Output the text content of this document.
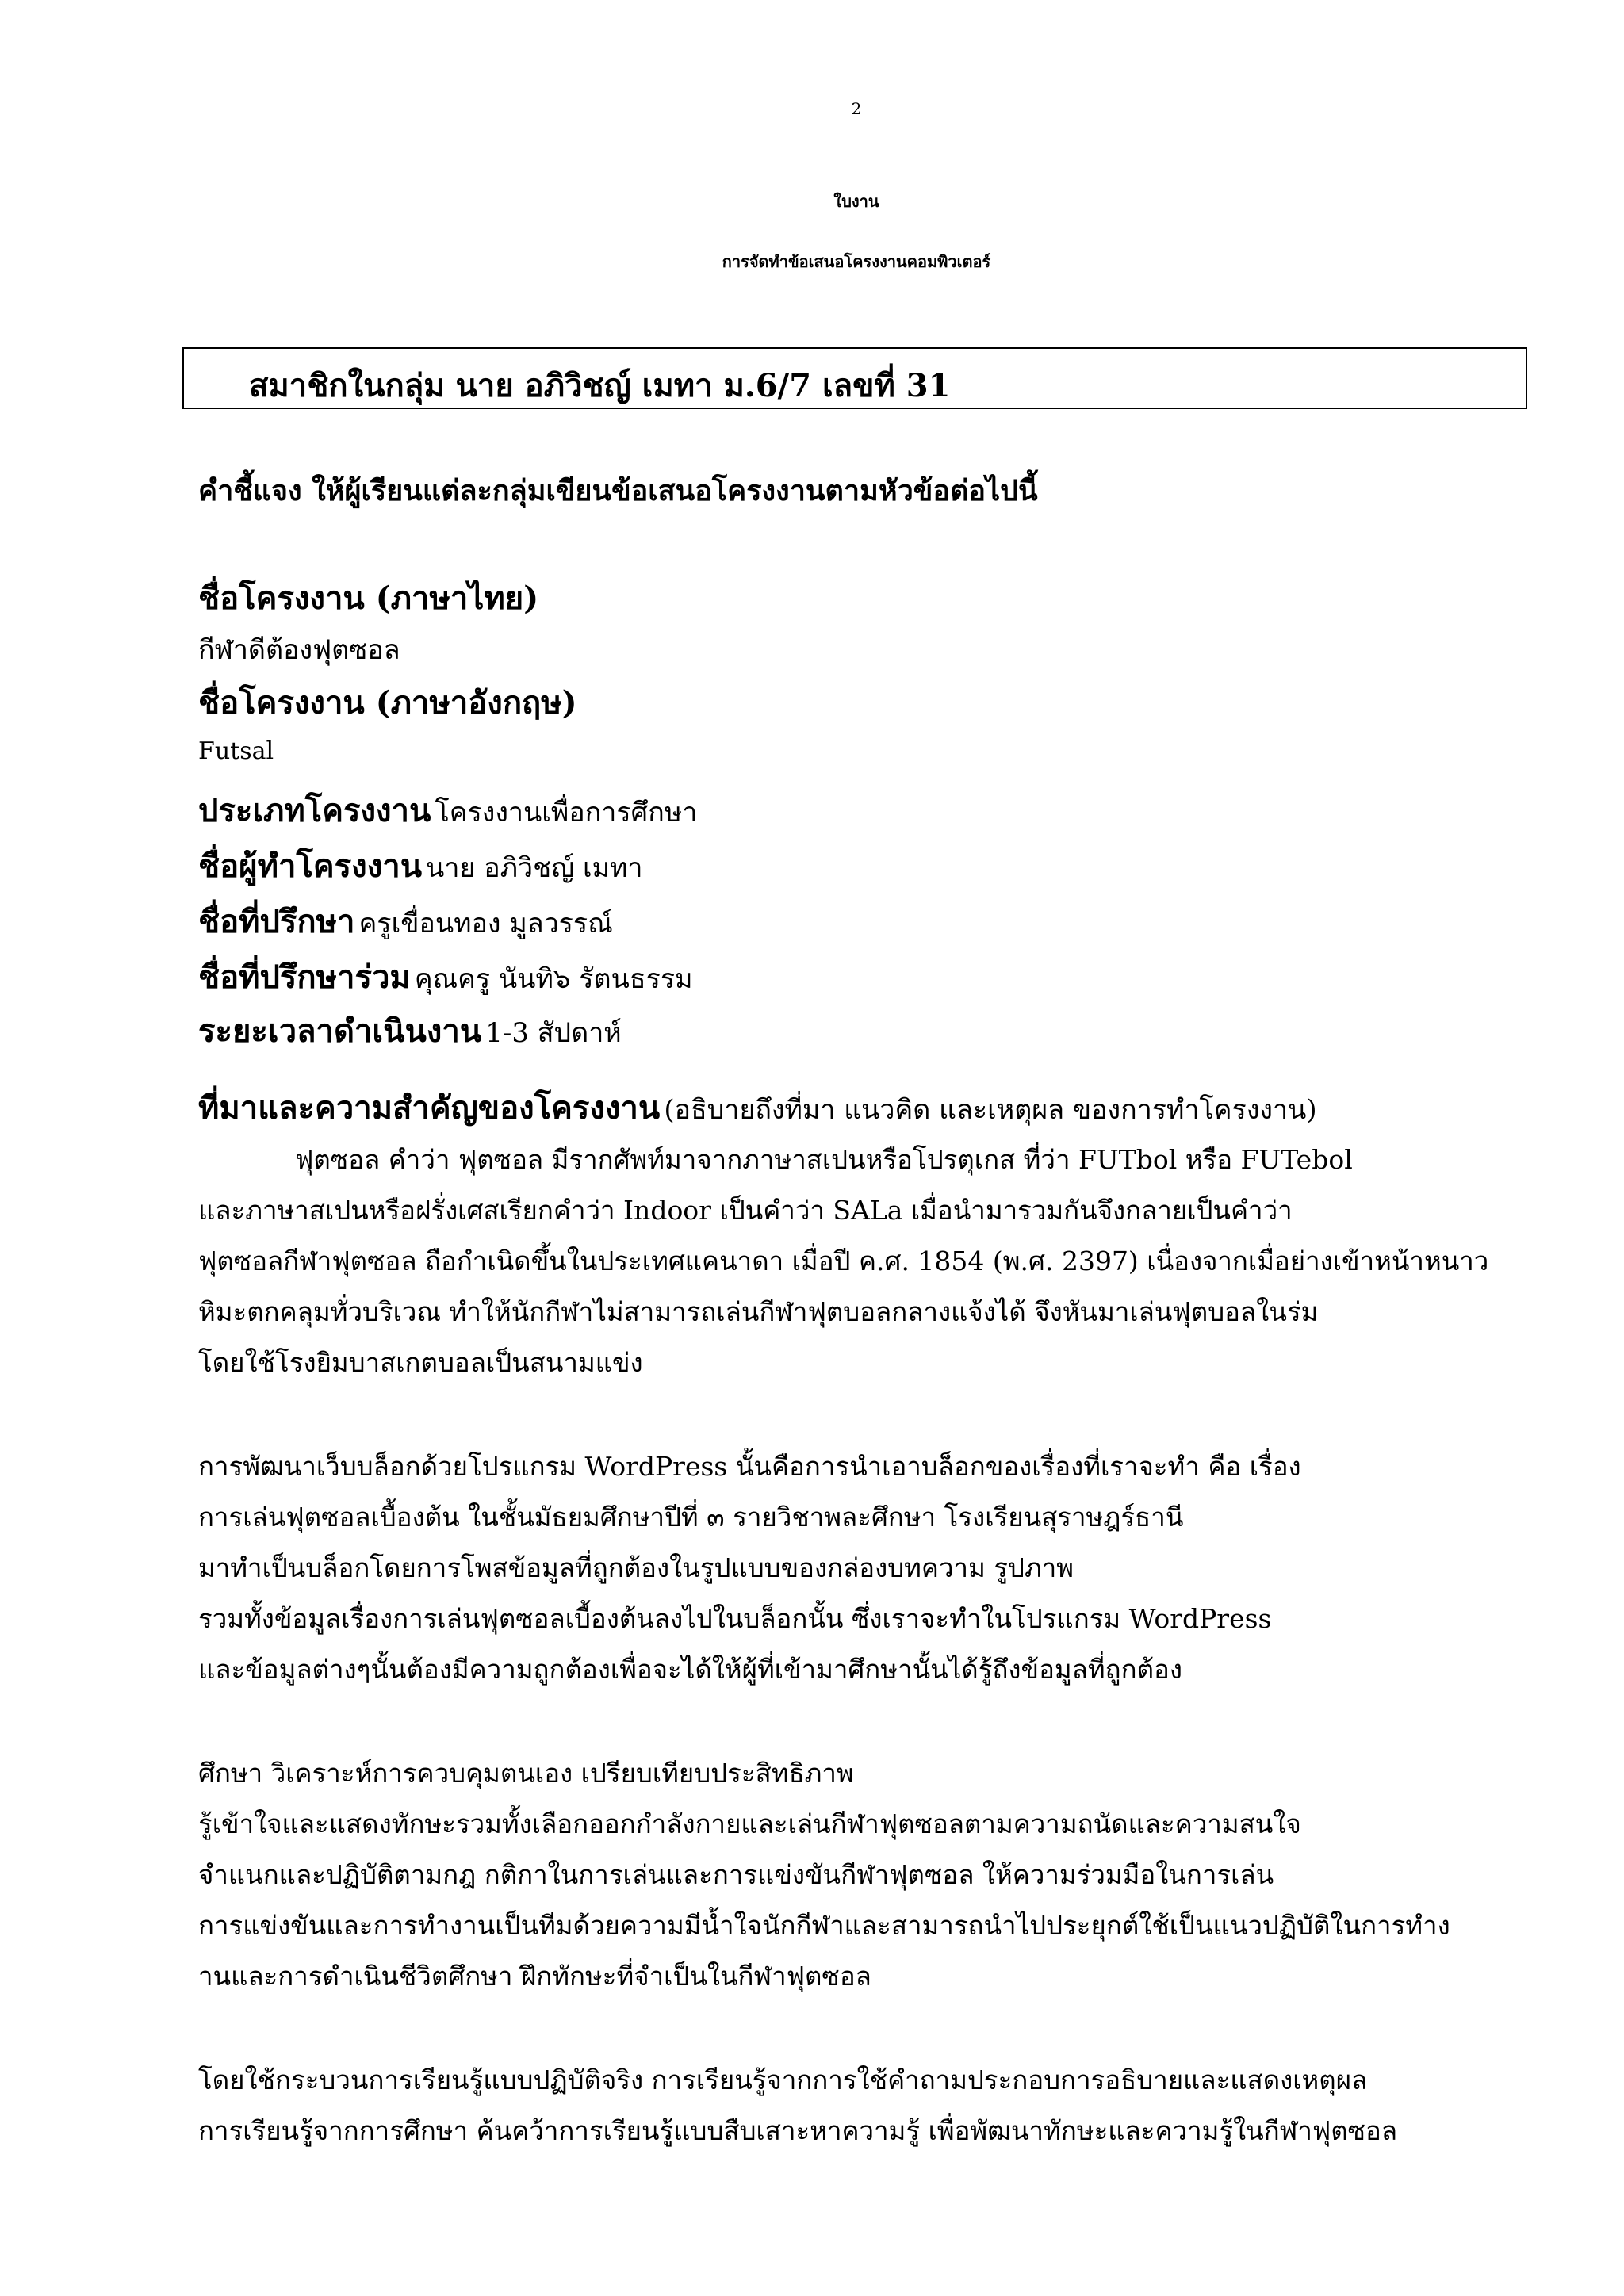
2
ใบงาน
การจัดทำข้อเสนอโครงงานคอมพิวเตอร์
สมาชิกในกลุ่ม นาย อภิวิชญ์ เมทา ม.6/7 เลขที่ 31
คำชี้แจง ให้ผู้เรียนแต่ละกลุ่มเขียนข้อเสนอโครงงานตามหัวข้อต่อไปนี้
ชื่อโครงงาน (ภาษาไทย)
กีฬาดีต้องฟุตซอล
ชื่อโครงงาน (ภาษาอังกฤษ)
Futsal
ประเภทโครงงาน โครงงานเพื่อการศึกษา
ชื่อผู้ทำโครงงาน นาย อภิวิชญ์ เมทา
ชื่อที่ปรึกษา ครูเขื่อนทอง มูลวรรณ์
ชื่อที่ปรึกษาร่วม คุณครู นันทิ๖ รัตนธรรม
ระยะเวลาดำเนินงาน 1-3 สัปดาห์
ที่มาและความสำคัญของโครงงาน (อธิบายถึงที่มา แนวคิด และเหตุผล ของการทำโครงงาน)
ฟุตซอล คำว่า ฟุตซอล มีรากศัพท์มาจากภาษาสเปนหรือโปรตุเกส ที่ว่า FUTbol หรือ FUTebol
และภาษาสเปนหรือฝรั่งเศสเรียกคำว่า Indoor เป็นคำว่า SALa เมื่อนำมารวมกันจึงกลายเป็นคำว่า
ฟุตซอลกีฬาฟุตซอล ถือกำเนิดขึ้นในประเทศแคนาดา เมื่อปี ค.ศ. 1854 (พ.ศ. 2397) เนื่องจากเมื่อย่างเข้าหน้าหนาว
หิมะตกคลุมทั่วบริเวณ ทำให้นักกีฬาไม่สามารถเล่นกีฬาฟุตบอลกลางแจ้งได้ จึงหันมาเล่นฟุตบอลในร่ม
โดยใช้โรงยิมบาสเกตบอลเป็นสนามแข่ง
การพัฒนาเว็บบล็อกด้วยโปรแกรม WordPress นั้นคือการนำเอาบล็อกของเรื่องที่เราจะทำ คือ เรื่อง
การเล่นฟุตซอลเบื้องต้น ในชั้นมัธยมศึกษาปีที่ ๓ รายวิชาพละศึกษา โรงเรียนสุราษฎร์ธานี
มาทำเป็นบล็อกโดยการโพสข้อมูลที่ถูกต้องในรูปแบบของกล่องบทความ รูปภาพ
รวมทั้งข้อมูลเรื่องการเล่นฟุตซอลเบื้องต้นลงไปในบล็อกนั้น ซึ่งเราจะทำในโปรแกรม WordPress
และข้อมูลต่างๆนั้นต้องมีความถูกต้องเพื่อจะได้ให้ผู้ที่เข้ามาศึกษานั้นได้รู้ถึงข้อมูลที่ถูกต้อง
ศึกษา วิเคราะห์การควบคุมตนเอง เปรียบเทียบประสิทธิภาพ
รู้เข้าใจและแสดงทักษะรวมทั้งเลือกออกกำลังกายและเล่นกีฬาฟุตซอลตามความถนัดและความสนใจ
จำแนกและปฏิบัติตามกฎ กติกาในการเล่นและการแข่งขันกีฬาฟุตซอล ให้ความร่วมมือในการเล่น
การแข่งขันและการทำงานเป็นทีมด้วยความมีน้ำใจนักกีฬาและสามารถนำไปประยุกต์ใช้เป็นแนวปฏิบัติในการทำง
านและการดำเนินชีวิตศึกษา ฝึกทักษะที่จำเป็นในกีฬาฟุตซอล
โดยใช้กระบวนการเรียนรู้แบบปฏิบัติจริง การเรียนรู้จากการใช้คำถามประกอบการอธิบายและแสดงเหตุผล
การเรียนรู้จากการศึกษา ค้นคว้าการเรียนรู้แบบสืบเสาะหาความรู้ เพื่อพัฒนาทักษะและความรู้ในกีฬาฟุตซอล
